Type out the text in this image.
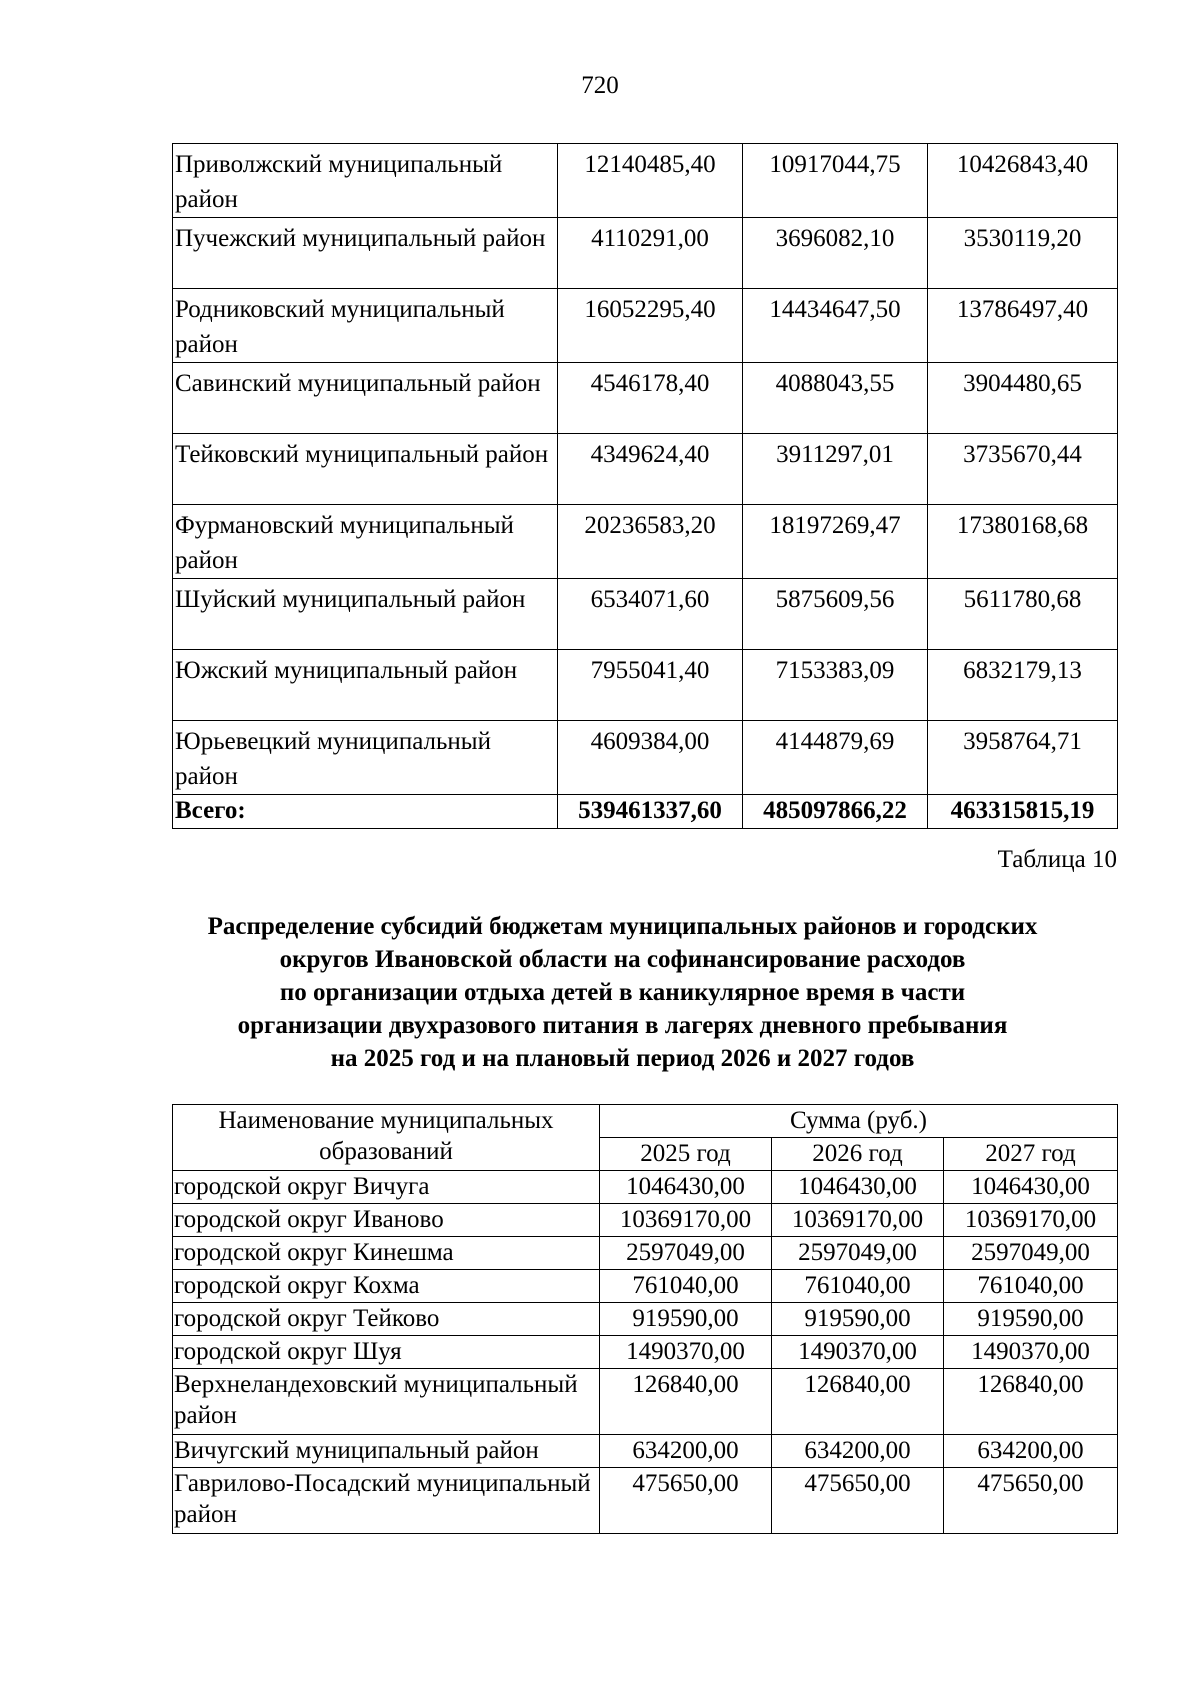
720
Приволжский муниципальный район	12140485,40	10917044,75	10426843,40
Пучежский муниципальный район	4110291,00	3696082,10	3530119,20
Родниковский муниципальный район	16052295,40	14434647,50	13786497,40
Савинский муниципальный район	4546178,40	4088043,55	3904480,65
Тейковский муниципальный район	4349624,40	3911297,01	3735670,44
Фурмановский муниципальный район	20236583,20	18197269,47	17380168,68
Шуйский муниципальный район	6534071,60	5875609,56	5611780,68
Южский муниципальный район	7955041,40	7153383,09	6832179,13
Юрьевецкий муниципальный район	4609384,00	4144879,69	3958764,71
Всего:	539461337,60	485097866,22	463315815,19
Таблица 10
Распределение субсидий бюджетам муниципальных районов и городских
округов Ивановской области на софинансирование расходов
по организации отдыха детей в каникулярное время в части
организации двухразового питания в лагерях дневного пребывания
на 2025 год и на плановый период 2026 и 2027 годов
Наименование муниципальных образований	Сумма (руб.)		
	2025 год	2026 год	2027 год
городской округ Вичуга	1046430,00	1046430,00	1046430,00
городской округ Иваново	10369170,00	10369170,00	10369170,00
городской округ Кинешма	2597049,00	2597049,00	2597049,00
городской округ Кохма	761040,00	761040,00	761040,00
городской округ Тейково	919590,00	919590,00	919590,00
городской округ Шуя	1490370,00	1490370,00	1490370,00
Верхнеландеховский муниципальный район	126840,00	126840,00	126840,00
Вичугский муниципальный район	634200,00	634200,00	634200,00
Гаврилово-Посадский муниципальный район	475650,00	475650,00	475650,00
